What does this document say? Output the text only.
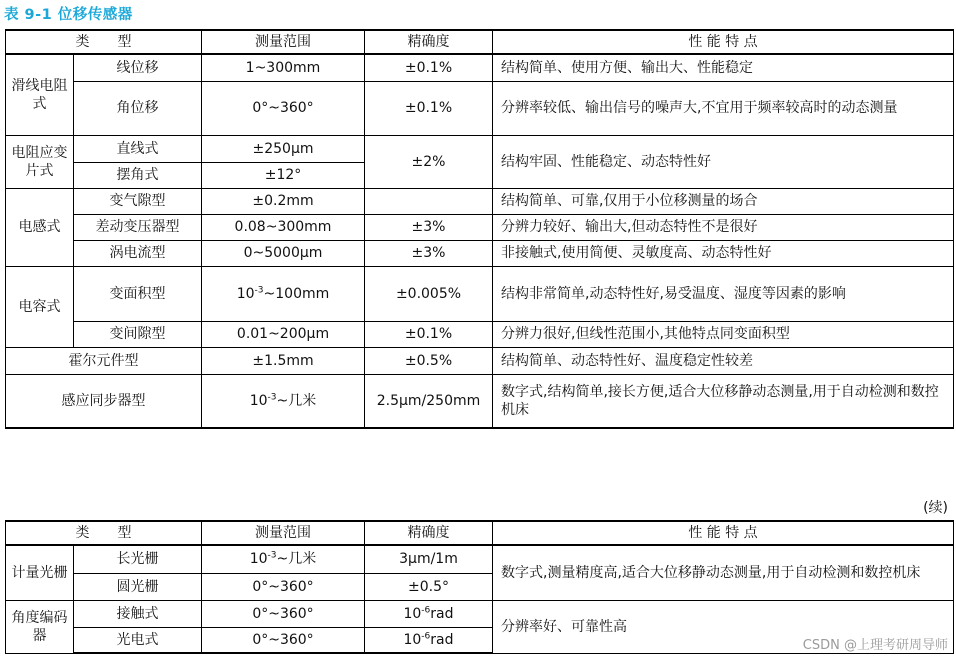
表 9-1 位移传感器
类　　型		测量范围	精确度	性 能 特 点
滑线电阻式	线位移	1~300mm	±0.1%	结构简单、使用方便、输出大、性能稳定
	角位移	0°~360°	±0.1%	分辨率较低、输出信号的噪声大,不宜用于频率较高时的动态测量
电阻应变片式	直线式	±250μm	±2%	结构牢固、性能稳定、动态特性好
	摆角式	±12°		
电感式	变气隙型	±0.2mm		结构简单、可靠,仅用于小位移测量的场合
	差动变压器型	0.08~300mm	±3%	分辨力较好、输出大,但动态特性不是很好
	涡电流型	0~5000μm	±3%	非接触式,使用简便、灵敏度高、动态特性好
电容式	变面积型	$10^{-3}\sim 100mm$	±0.005%	结构非常简单,动态特性好,易受温度、湿度等因素的影响
	变间隙型	0.01~200μm	±0.1%	分辨力很好,但线性范围小,其他特点同变面积型
霍尔元件型		±1.5mm	±0.5%	结构简单、动态特性好、温度稳定性较差
感应同步器型		$10^{-3}\sim$几米	2.5μm/250mm	数字式,结构简单,接长方便,适合大位移静动态测量,用于自动检测和数控机床
(续)
类　　型		测量范围	精确度	性 能 特 点
计量光栅	长光栅	$10^{-3}\sim$几米	3μm/1m	数字式,测量精度高,适合大位移静动态测量,用于自动检测和数控机床
	圆光栅	0°~360°	±0.5°	
角度编码器	接触式	0°~360°	$10^{-6}rad$	分辨率好、可靠性高
	光电式	0°~360°	$10^{-6}rad$		CSDN @上理考研周导师
